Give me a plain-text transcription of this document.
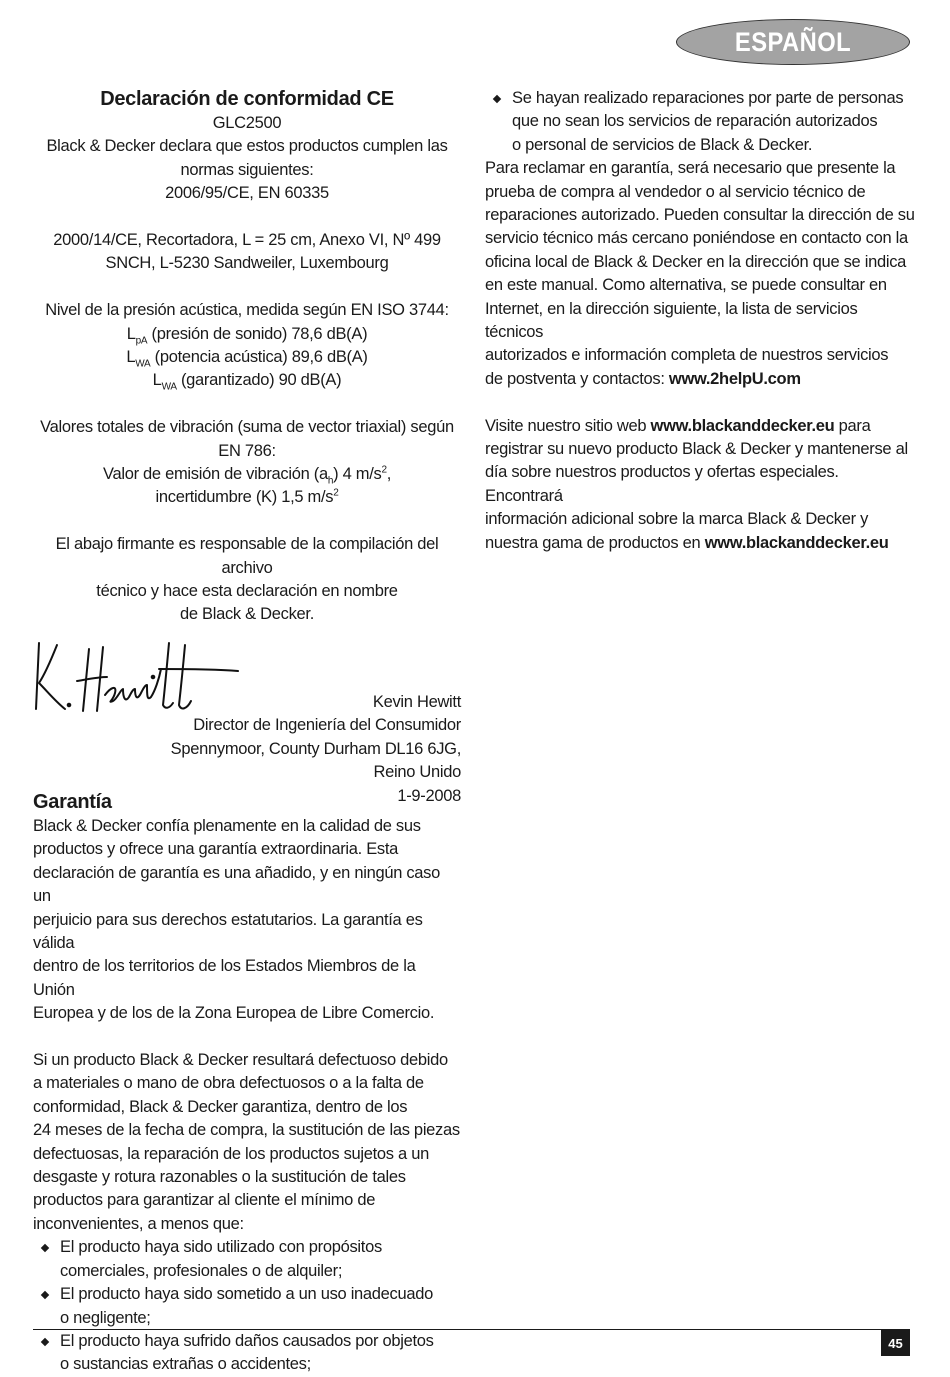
ESPAÑOL
Declaración de conformidad CE

GLC2500

Black & Decker declara que estos productos cumplen las

normas siguientes:

2006/95/CE, EN 60335

2000/14/CE, Recortadora, L = 25 cm, Anexo VI, Nº 499

SNCH, L-5230 Sandweiler, Luxembourg

Nivel de la presión acústica, medida según EN ISO 3744:

$L_{pA}$ (presión de sonido) 78,6 dB(A)

$L_{WA}$ (potencia acústica) 89,6 dB(A)

$L_{WA}$ (garantizado) 90 dB(A)

Valores totales de vibración (suma de vector triaxial) según

EN 786:

Valor de emisión de vibración $(a_h)$ 4 $m/s^2$,

incertidumbre (K) 1,5 $m/s^2$

El abajo firmante es responsable de la compilación del archivo

técnico y hace esta declaración en nombre

de Black & Decker.

Kevin Hewitt

Director de Ingeniería del Consumidor

Spennymoor, County Durham DL16 6JG,

Reino Unido

1-9-2008

Garantía

Black & Decker confía plenamente en la calidad de sus

productos y ofrece una garantía extraordinaria. Esta

declaración de garantía es una añadido, y en ningún caso un

perjuicio para sus derechos estatutarios. La garantía es válida

dentro de los territorios de los Estados Miembros de la Unión

Europea y de los de la Zona Europea de Libre Comercio.

Si un producto Black & Decker resultará defectuoso debido

a materiales o mano de obra defectuosos o a la falta de

conformidad, Black & Decker garantiza, dentro de los

24 meses de la fecha de compra, la sustitución de las piezas

defectuosas, la reparación de los productos sujetos a un

desgaste y rotura razonables o la sustitución de tales

productos para garantizar al cliente el mínimo de

inconvenientes, a menos que:

El producto haya sido utilizado con propósitos

comerciales, profesionales o de alquiler;

El producto haya sido sometido a un uso inadecuado

o negligente;

El producto haya sufrido daños causados por objetos

o sustancias extrañas o accidentes;

Se hayan realizado reparaciones por parte de personas

que no sean los servicios de reparación autorizados

o personal de servicios de Black & Decker.

Para reclamar en garantía, será necesario que presente la

prueba de compra al vendedor o al servicio técnico de

reparaciones autorizado. Pueden consultar la dirección de su

servicio técnico más cercano poniéndose en contacto con la

oficina local de Black & Decker en la dirección que se indica

en este manual. Como alternativa, se puede consultar en

Internet, en la dirección siguiente, la lista de servicios técnicos

autorizados e información completa de nuestros servicios

de postventa y contactos: www.2helpU.com

Visite nuestro sitio web www.blackanddecker.eu para

registrar su nuevo producto Black & Decker y mantenerse al

día sobre nuestros productos y ofertas especiales. Encontrará

información adicional sobre la marca Black & Decker y

nuestra gama de productos en www.blackanddecker.eu

45
